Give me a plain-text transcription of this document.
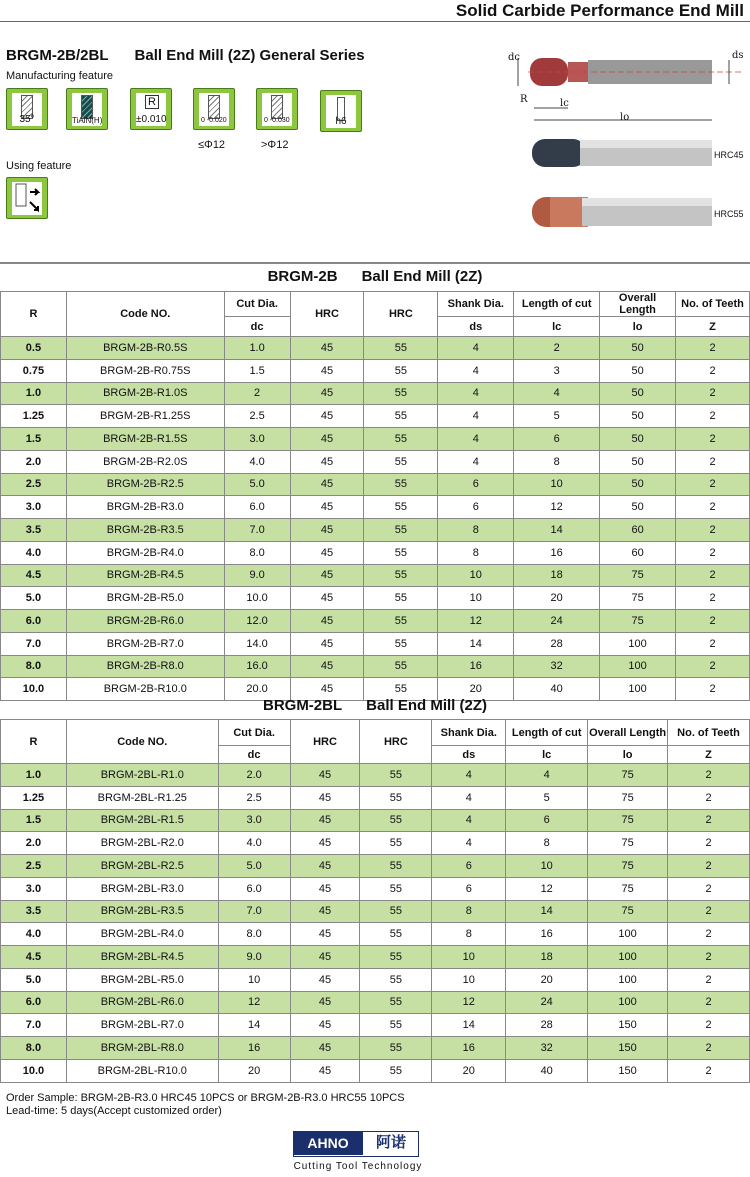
Solid Carbide Performance End Mill
BRGM-2B/2BL Ball End Mill (2Z) General Series
Manufacturing feature
35°	TiAlN(H)
R
±0.010	0 -0.020	0 -0.030	h6
≤Φ12	>Φ12
Using feature
dc	ds
R	lc
lo
HRC45
HRC55
BRGM-2B Ball End Mill (2Z)
R	Code NO.	Cut Dia.	HRC	HRC	Shank Dia.	Length of cut	Overall Length	No. of Teeth
		dc			ds	lc	lo	Z
0.5	BRGM-2B-R0.5S	1.0	45	55	4	2	50	2
0.75	BRGM-2B-R0.75S	1.5	45	55	4	3	50	2
1.0	BRGM-2B-R1.0S	2	45	55	4	4	50	2
1.25	BRGM-2B-R1.25S	2.5	45	55	4	5	50	2
1.5	BRGM-2B-R1.5S	3.0	45	55	4	6	50	2
2.0	BRGM-2B-R2.0S	4.0	45	55	4	8	50	2
2.5	BRGM-2B-R2.5	5.0	45	55	6	10	50	2
3.0	BRGM-2B-R3.0	6.0	45	55	6	12	50	2
3.5	BRGM-2B-R3.5	7.0	45	55	8	14	60	2
4.0	BRGM-2B-R4.0	8.0	45	55	8	16	60	2
4.5	BRGM-2B-R4.5	9.0	45	55	10	18	75	2
5.0	BRGM-2B-R5.0	10.0	45	55	10	20	75	2
6.0	BRGM-2B-R6.0	12.0	45	55	12	24	75	2
7.0	BRGM-2B-R7.0	14.0	45	55	14	28	100	2
8.0	BRGM-2B-R8.0	16.0	45	55	16	32	100	2
10.0	BRGM-2B-R10.0	20.0	45	55	20	40	100	2
BRGM-2BL Ball End Mill (2Z)
R	Code NO.	Cut Dia.	HRC	HRC	Shank Dia.	Length of cut	Overall Length	No. of Teeth
		dc			ds	lc	lo	Z
1.0	BRGM-2BL-R1.0	2.0	45	55	4	4	75	2
1.25	BRGM-2BL-R1.25	2.5	45	55	4	5	75	2
1.5	BRGM-2BL-R1.5	3.0	45	55	4	6	75	2
2.0	BRGM-2BL-R2.0	4.0	45	55	4	8	75	2
2.5	BRGM-2BL-R2.5	5.0	45	55	6	10	75	2
3.0	BRGM-2BL-R3.0	6.0	45	55	6	12	75	2
3.5	BRGM-2BL-R3.5	7.0	45	55	8	14	75	2
4.0	BRGM-2BL-R4.0	8.0	45	55	8	16	100	2
4.5	BRGM-2BL-R4.5	9.0	45	55	10	18	100	2
5.0	BRGM-2BL-R5.0	10	45	55	10	20	100	2
6.0	BRGM-2BL-R6.0	12	45	55	12	24	100	2
7.0	BRGM-2BL-R7.0	14	45	55	14	28	150	2
8.0	BRGM-2BL-R8.0	16	45	55	16	32	150	2
10.0	BRGM-2BL-R10.0	20	45	55	20	40	150	2
Order Sample: BRGM-2B-R3.0 HRC45 10PCS or BRGM-2B-R3.0 HRC55 10PCS
Lead-time: 5 days(Accept customized order)
AHNO	阿诺
Cutting Tool Technology
